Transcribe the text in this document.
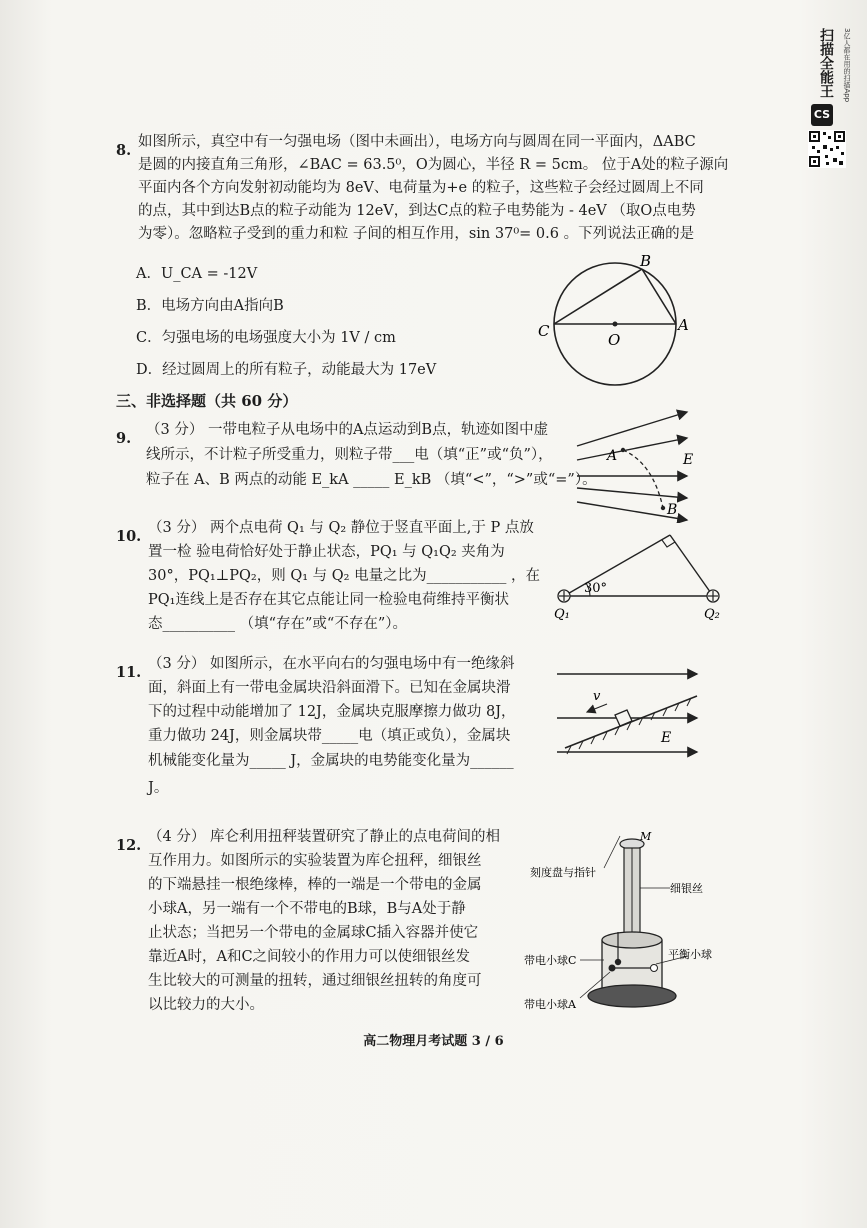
扫描全能王	3亿人都在用的扫描App
CS
8. 如图所示，真空中有一匀强电场（图中未画出），电场方向与圆周在同一平面内，ΔABC
是圆的内接直角三角形，∠BAC = 63.5⁰，O为圆心，半径 R = 5cm。 位于A处的粒子源向
平面内各个方向发射初动能均为 8eV、电荷量为+e 的粒子，这些粒子会经过圆周上不同
的点，其中到达B点的粒子动能为 12eV，到达C点的粒子电势能为 - 4eV （取O点电势
为零）。忽略粒子受到的重力和粒 子间的相互作用，sin 37⁰= 0.6 。下列说法正确的是
A．U_CA = -12V
B．电场方向由A指向B
C．匀强电场的电场强度大小为 1V / cm
D．经过圆周上的所有粒子，动能最大为 17eV
C	A
B
O
三、非选择题（共 60 分）
9. （3 分） 一带电粒子从电场中的A点运动到B点，轨迹如图中虚
线所示，不计粒子所受重力，则粒子带___电（填“正”或“负”），
粒子在 A、B 两点的动能 E_kA _____ E_kB （填“<”，“>”或“=”）。
A
B
E
10. （3 分） 两个点电荷 Q₁ 与 Q₂ 静位于竖直平面上,于 P 点放
置一检 验电荷恰好处于静止状态，PQ₁ 与 Q₁Q₂ 夹角为
30°，PQ₁⊥PQ₂，则 Q₁ 与 Q₂ 电量之比为___________ ，在
PQ₁连线上是否存在其它点能让同一检验电荷维持平衡状
态__________ （填“存在”或“不存在”）。
30°
Q₁	Q₂
11. （3 分） 如图所示，在水平向右的匀强电场中有一绝缘斜
面，斜面上有一带电金属块沿斜面滑下。已知在金属块滑
下的过程中动能增加了 12J，金属块克服摩擦力做功 8J，
重力做功 24J，则金属块带_____电（填正或负），金属块
机械能变化量为_____ J，金属块的电势能变化量为______
J。
v
E
12. （4 分） 库仑利用扭秤装置研究了静止的点电荷间的相
互作用力。如图所示的实验装置为库仑扭秤，细银丝
的下端悬挂一根绝缘棒，棒的一端是一个带电的金属
小球A，另一端有一个不带电的B球，B与A处于静
止状态；当把另一个带电的金属球C插入容器并使它
靠近A时，A和C之间较小的作用力可以使细银丝发
生比较大的可测量的扭转，通过细银丝扭转的角度可
以比较力的大小。
M
刻度盘与指针
细银丝
带电小球C	平衡小球
带电小球A
高二物理月考试题 3 / 6
